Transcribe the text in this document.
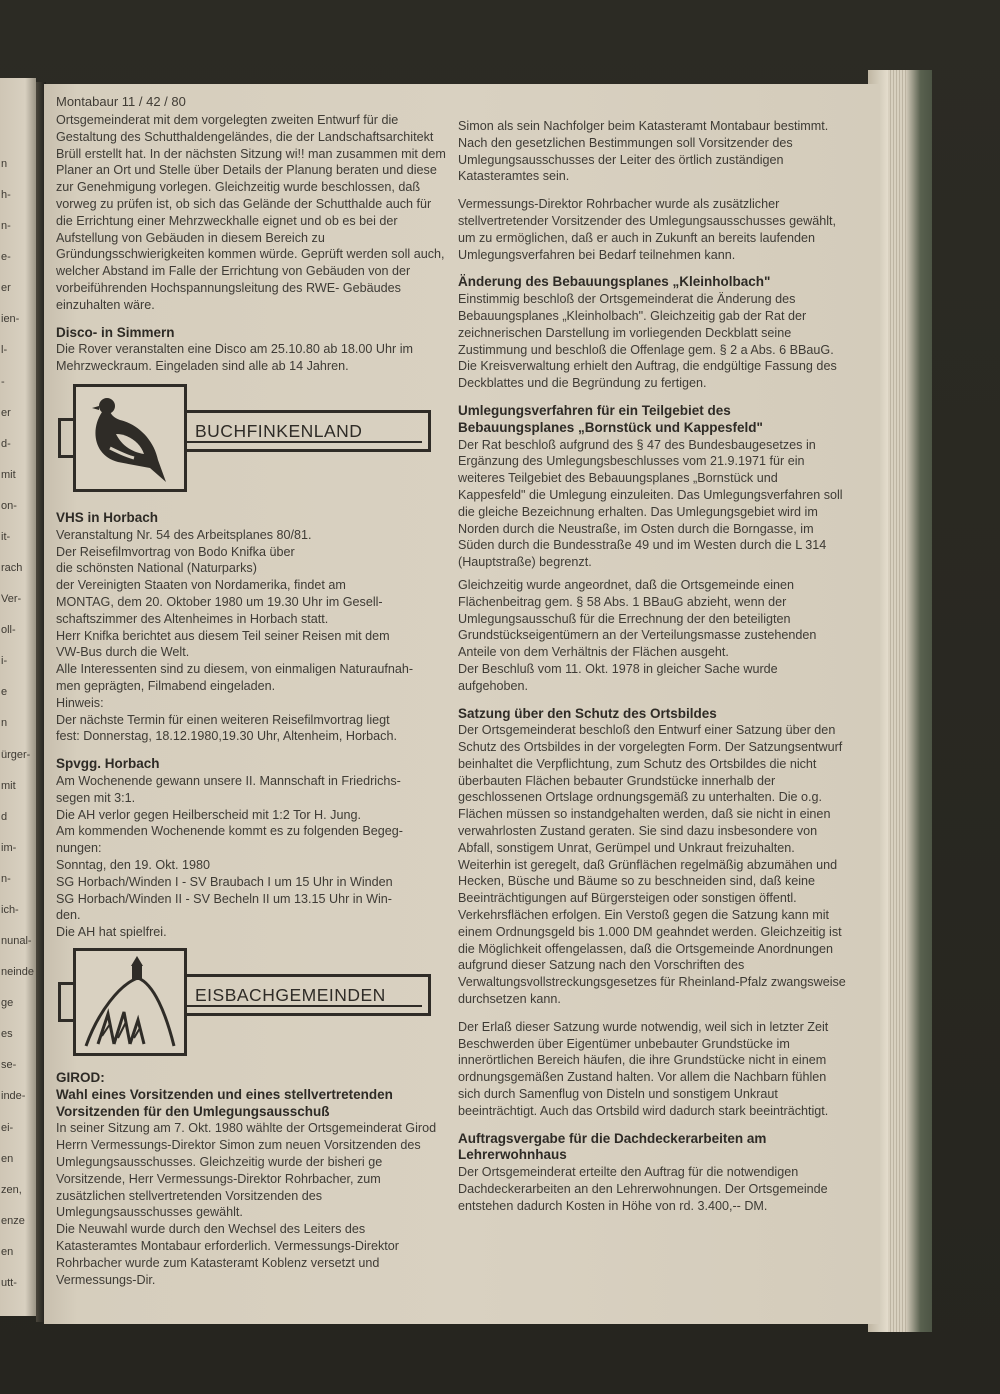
n
h-
n-
e-
er
ien-
l-
-
er
d-
mit
on-
it-
rach
Ver-
oll-
i-
e
n
ürger-
mit
d
im-
n-
ich-
nunal-
neinde
ge
es
se-
inde-
ei-
en
zen,
enze
en
utt-
Montabaur 11 / 42 / 80

Ortsgemeinderat mit dem vorgelegten zweiten Entwurf für die Gestaltung des Schutthaldengeländes, die der Landschaftsarchitekt Brüll erstellt hat. In der nächsten Sitzung wi!! man zusammen mit dem Planer an Ort und Stelle über Details der Planung beraten und diese zur Genehmigung vorlegen. Gleichzeitig wurde beschlossen, daß vorweg zu prüfen ist, ob sich das Gelände der Schutthalde auch für die Errichtung einer Mehrzweckhalle eignet und ob es bei der Aufstellung von Gebäuden in diesem Bereich zu Gründungsschwierigkeiten kommen würde. Geprüft werden soll auch, welcher Abstand im Falle der Errichtung von Gebäuden von der vorbeiführenden Hochspannungsleitung des RWE- Gebäudes einzuhalten wäre.

Disco- in Simmern

Die Rover veranstalten eine Disco am 25.10.80 ab 18.00 Uhr im Mehrzweckraum. Eingeladen sind alle ab 14 Jahren.

BUCHFINKENLAND

VHS in Horbach

Veranstaltung Nr. 54 des Arbeitsplanes 80/81.

Der Reisefilmvortrag von Bodo Knifka über

die schönsten National (Naturparks)

der Vereinigten Staaten von Nordamerika, findet am

MONTAG, dem 20. Oktober 1980 um 19.30 Uhr im Gesell-

schaftszimmer des Altenheimes in Horbach statt.

Herr Knifka berichtet aus diesem Teil seiner Reisen mit dem

VW-Bus durch die Welt.

Alle Interessenten sind zu diesem, von einmaligen Naturaufnah-

men geprägten, Filmabend eingeladen.

Hinweis:

Der nächste Termin für einen weiteren Reisefilmvortrag liegt

fest: Donnerstag, 18.12.1980,19.30 Uhr, Altenheim, Horbach.

Spvgg. Horbach

Am Wochenende gewann unsere II. Mannschaft in Friedrichs-

segen mit 3:1.

Die AH verlor gegen Heilberscheid mit 1:2 Tor H. Jung.

Am kommenden Wochenende kommt es zu folgenden Begeg-

nungen:

Sonntag, den 19. Okt. 1980

SG Horbach/Winden I - SV Braubach I um 15 Uhr in Winden

SG Horbach/Winden II - SV Becheln II um 13.15 Uhr in Win-

den.

Die AH hat spielfrei.

EISBACHGEMEINDEN

GIROD:

Wahl eines Vorsitzenden und eines stellvertretenden Vorsitzenden für den Umlegungsausschuß

In seiner Sitzung am 7. Okt. 1980 wählte der Ortsgemeinderat Girod Herrn Vermessungs-Direktor Simon zum neuen Vorsitzenden des Umlegungsausschusses. Gleichzeitig wurde der bisheri ge Vorsitzende, Herr Vermessungs-Direktor Rohrbacher, zum zusätzlichen stellvertretenden Vorsitzenden des Umlegungsausschusses gewählt.

Die Neuwahl wurde durch den Wechsel des Leiters des Katasteramtes Montabaur erforderlich. Vermessungs-Direktor Rohrbacher wurde zum Katasteramt Koblenz versetzt und Vermessungs-Dir.

Simon als sein Nachfolger beim Katasteramt Montabaur bestimmt. Nach den gesetzlichen Bestimmungen soll Vorsitzender des Umlegungsausschusses der Leiter des örtlich zuständigen Katasteramtes sein.

Vermessungs-Direktor Rohrbacher wurde als zusätzlicher stellvertretender Vorsitzender des Umlegungsausschusses gewählt, um zu ermöglichen, daß er auch in Zukunft an bereits laufenden Umlegungsverfahren bei Bedarf teilnehmen kann.

Änderung des Bebauungsplanes „Kleinholbach"

Einstimmig beschloß der Ortsgemeinderat die Änderung des Bebauungsplanes „Kleinholbach". Gleichzeitig gab der Rat der zeichnerischen Darstellung im vorliegenden Deckblatt seine Zustimmung und beschloß die Offenlage gem. § 2 a Abs. 6 BBauG. Die Kreisverwaltung erhielt den Auftrag, die endgültige Fassung des Deckblattes und die Begründung zu fertigen.

Umlegungsverfahren für ein Teilgebiet des Bebauungsplanes „Bornstück und Kappesfeld"

Der Rat beschloß aufgrund des § 47 des Bundesbaugesetzes in Ergänzung des Umlegungsbeschlusses vom 21.9.1971 für ein weiteres Teilgebiet des Bebauungsplanes „Bornstück und Kappesfeld" die Umlegung einzuleiten. Das Umlegungsverfahren soll die gleiche Bezeichnung erhalten. Das Umlegungsgebiet wird im Norden durch die Neustraße, im Osten durch die Borngasse, im Süden durch die Bundesstraße 49 und im Westen durch die L 314 (Hauptstraße) begrenzt.

Gleichzeitig wurde angeordnet, daß die Ortsgemeinde einen Flächenbeitrag gem. § 58 Abs. 1 BBauG abzieht, wenn der Umlegungsausschuß für die Errechnung der den beteiligten Grundstückseigentümern an der Verteilungsmasse zustehenden Anteile von dem Verhältnis der Flächen ausgeht.

Der Beschluß vom 11. Okt. 1978 in gleicher Sache wurde aufgehoben.

Satzung über den Schutz des Ortsbildes

Der Ortsgemeinderat beschloß den Entwurf einer Satzung über den Schutz des Ortsbildes in der vorgelegten Form. Der Satzungsentwurf beinhaltet die Verpflichtung, zum Schutz des Ortsbildes die nicht überbauten Flächen bebauter Grundstücke innerhalb der geschlossenen Ortslage ordnungsgemäß zu unterhalten. Die o.g. Flächen müssen so instandgehalten werden, daß sie nicht in einen verwahrlosten Zustand geraten. Sie sind dazu insbesondere von Abfall, sonstigem Unrat, Gerümpel und Unkraut freizuhalten. Weiterhin ist geregelt, daß Grünflächen regelmäßig abzumähen und Hecken, Büsche und Bäume so zu beschneiden sind, daß keine Beeinträchtigungen auf Bürgersteigen oder sonstigen öffentl. Verkehrsflächen erfolgen. Ein Verstoß gegen die Satzung kann mit einem Ordnungsgeld bis 1.000 DM geahndet werden. Gleichzeitig ist die Möglichkeit offengelassen, daß die Ortsgemeinde Anordnungen aufgrund dieser Satzung nach den Vorschriften des Verwaltungsvollstreckungsgesetzes für Rheinland-Pfalz zwangsweise durchsetzen kann.

Der Erlaß dieser Satzung wurde notwendig, weil sich in letzter Zeit Beschwerden über Eigentümer unbebauter Grundstücke im innerörtlichen Bereich häufen, die ihre Grundstücke nicht in einem ordnungsgemäßen Zustand halten. Vor allem die Nachbarn fühlen sich durch Samenflug von Disteln und sonstigem Unkraut beeinträchtigt. Auch das Ortsbild wird dadurch stark beeinträchtigt.

Auftragsvergabe für die Dachdeckerarbeiten am Lehrerwohnhaus

Der Ortsgemeinderat erteilte den Auftrag für die notwendigen Dachdeckerarbeiten an den Lehrerwohnungen. Der Ortsgemeinde entstehen dadurch Kosten in Höhe von rd. 3.400,-- DM.
